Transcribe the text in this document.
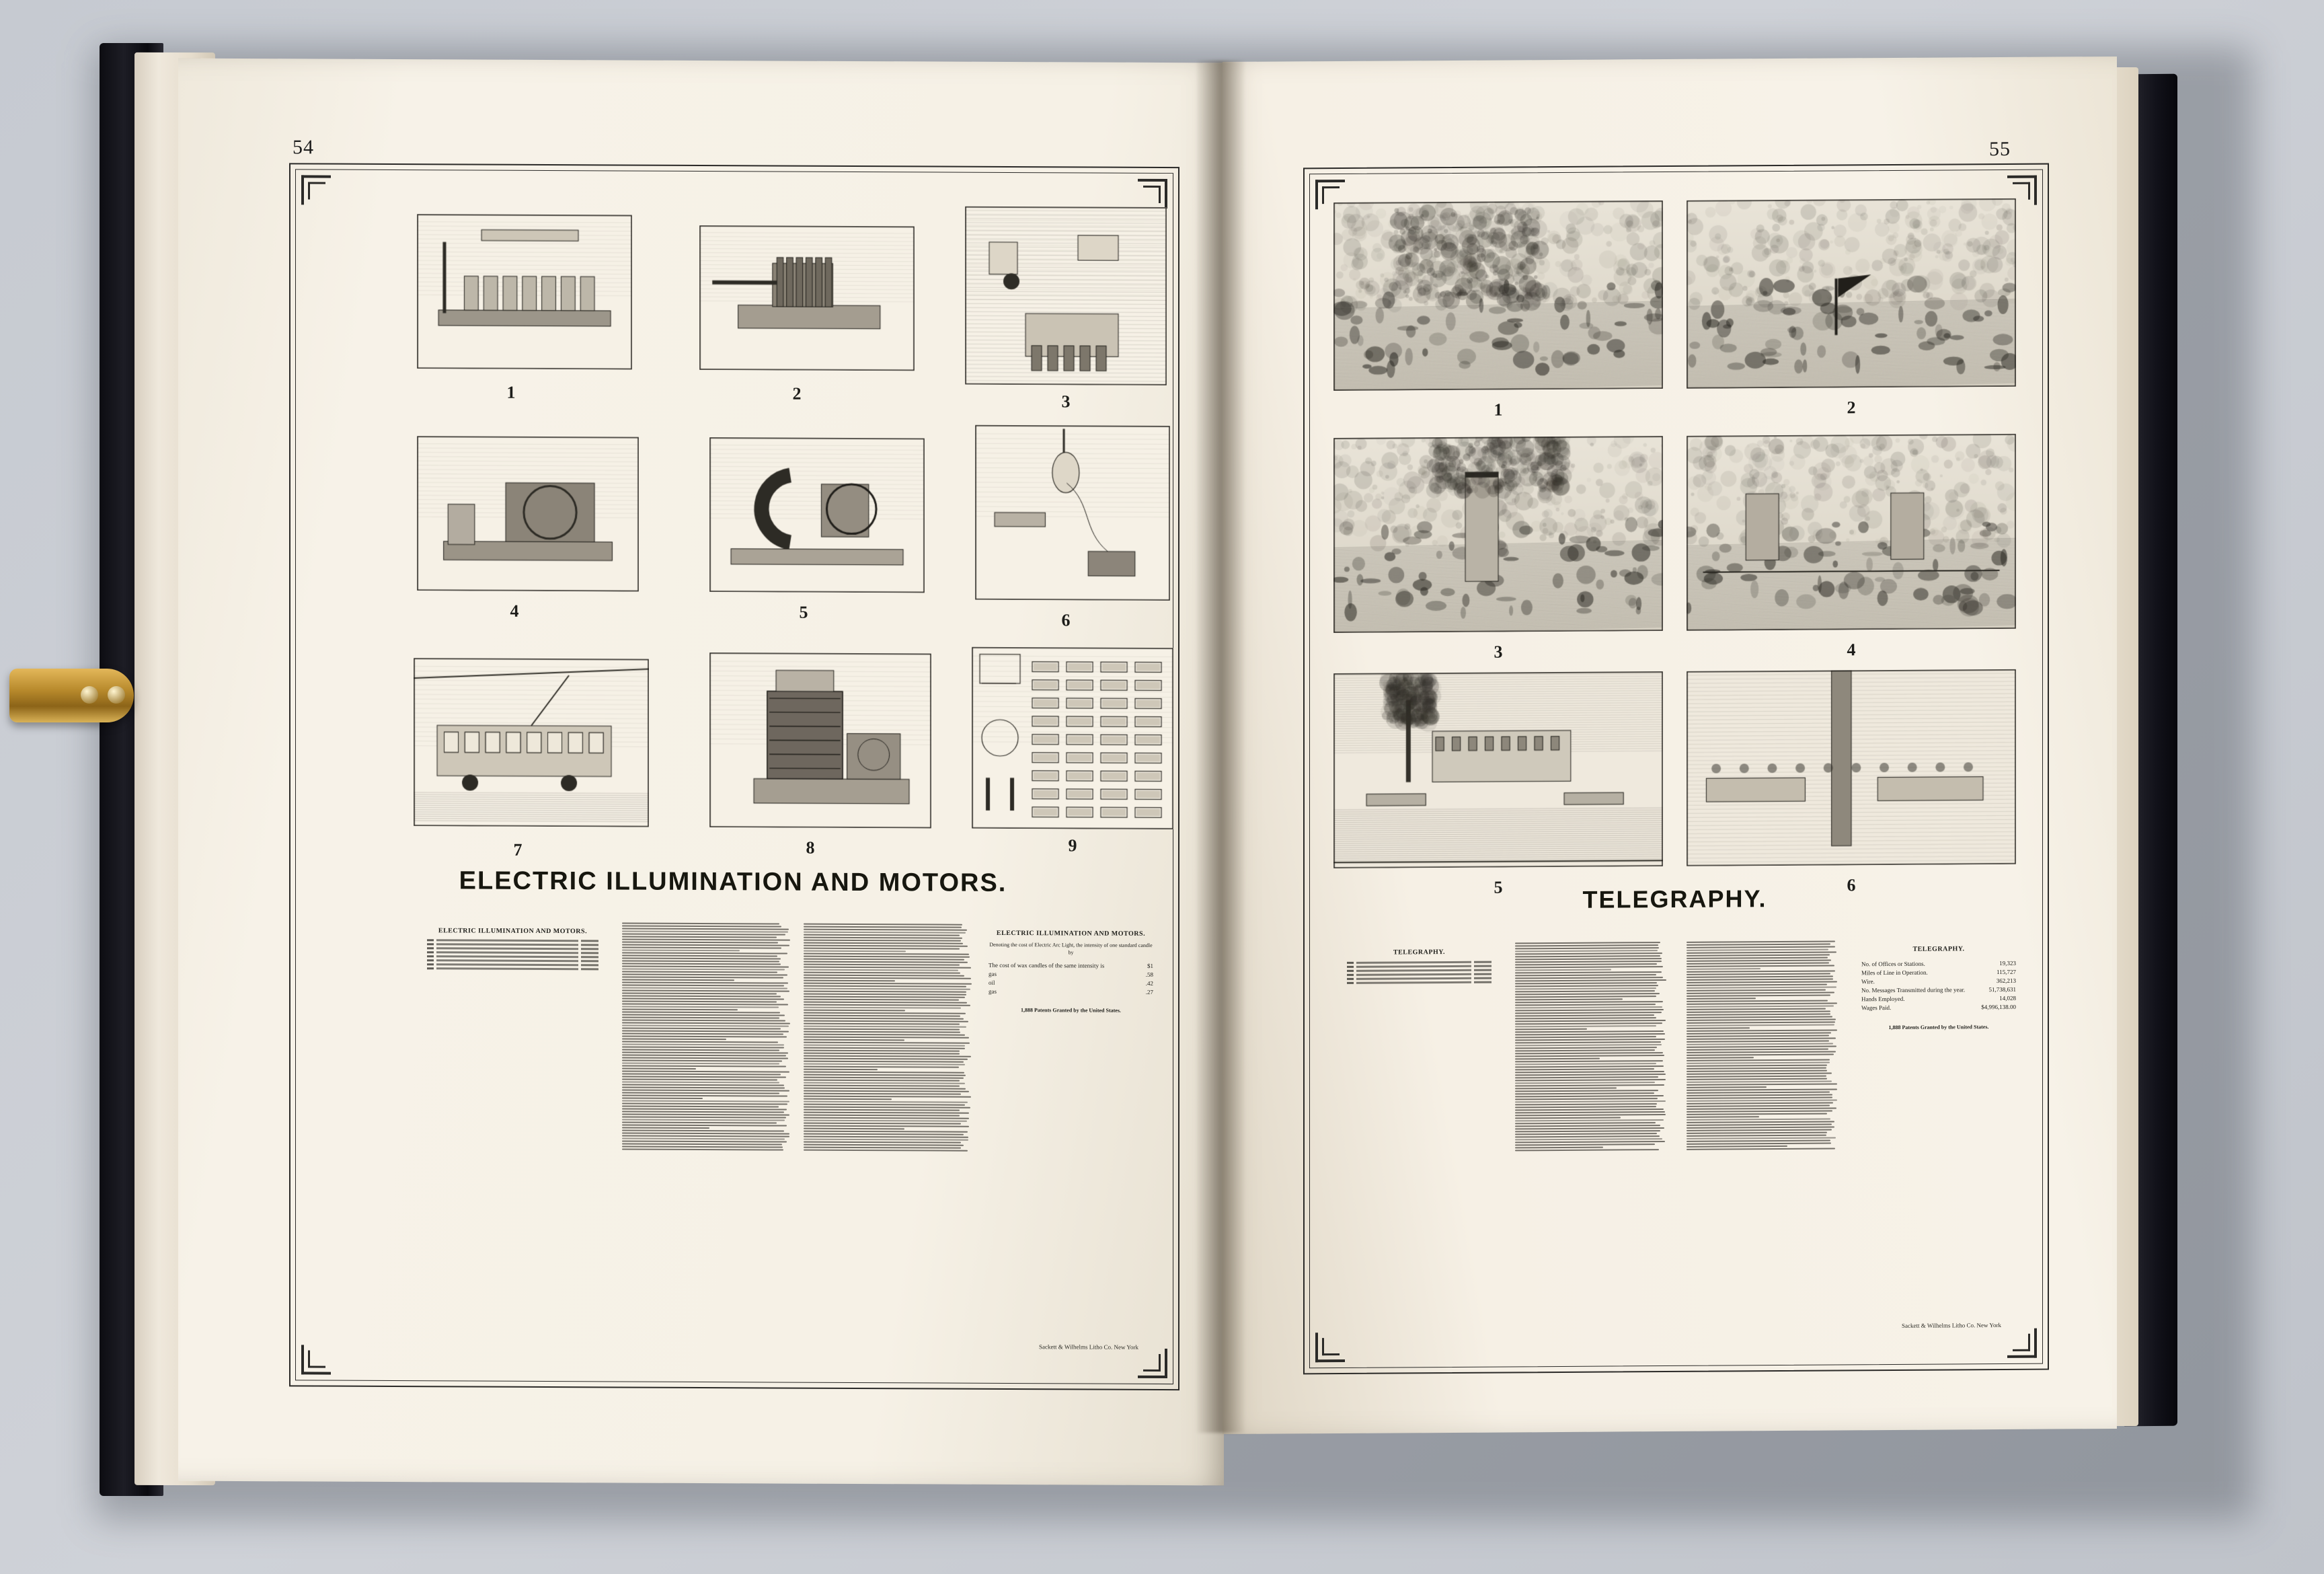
54
1	2	3
4	5	6
7	8	9
ELECTRIC ILLUMINATION AND MOTORS.
ELECTRIC ILLUMINATION AND MOTORS.	ELECTRIC ILLUMINATION AND MOTORS.
Denoting the cost of Electric Arc Light, the intensity of one standard candle by
The cost of wax candles of the same intensity is	$1
gas	.58
oil	.42
gas	.27
1,888 Patents Granted by the United States.
Sackett & Wilhelms Litho Co. New York
55
1	2
3	4
5	6
TELEGRAPHY.
TELEGRAPHY.	TELEGRAPHY.
No. of Offices or Stations.	19,323
Miles of Line in Operation.	115,727
Wire.	362,213
No. Messages Transmitted during the year.	51,738,631
Hands Employed.	14,028
Wages Paid.	$4,996,138.00
1,888 Patents Granted by the United States.
Sackett & Wilhelms Litho Co. New York
